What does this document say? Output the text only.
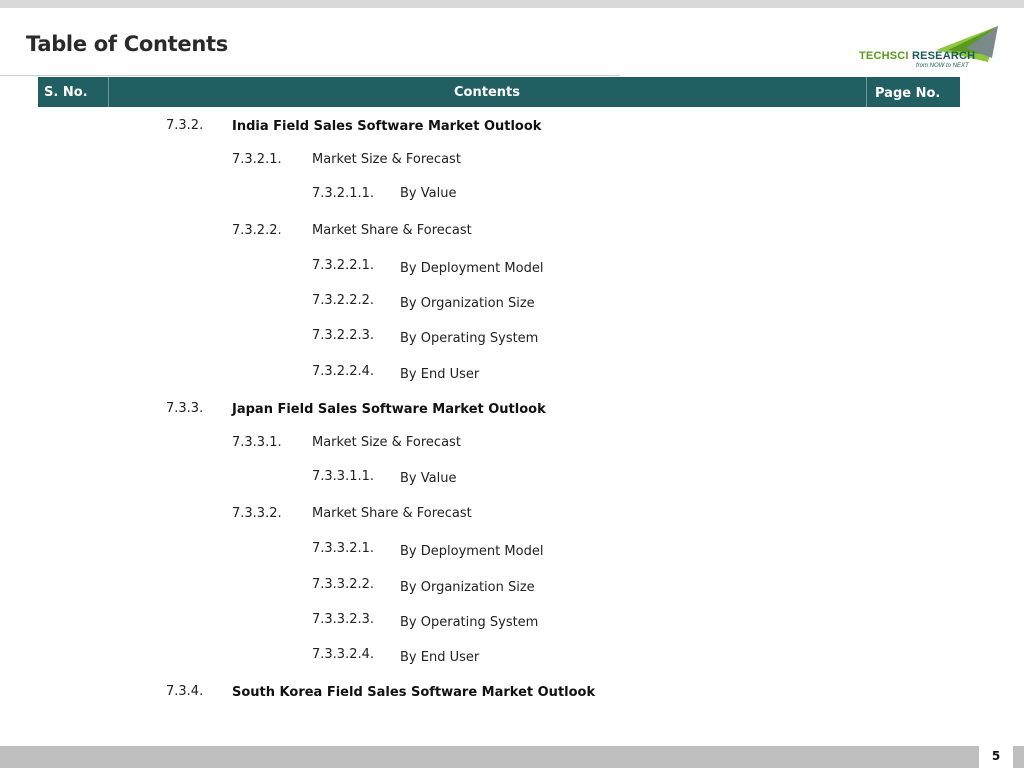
Table of Contents	TECHSCI RESEARCH
from NOW to NEXT
S. No.	Contents	Page No.
7.3.2. India Field Sales Software Market Outlook
7.3.2.1. Market Size & Forecast
7.3.2.1.1. By Value
7.3.2.2. Market Share & Forecast
7.3.2.2.1. By Deployment Model
7.3.2.2.2. By Organization Size
7.3.2.2.3. By Operating System
7.3.2.2.4. By End User
7.3.3. Japan Field Sales Software Market Outlook
7.3.3.1. Market Size & Forecast
7.3.3.1.1. By Value
7.3.3.2. Market Share & Forecast
7.3.3.2.1. By Deployment Model
7.3.3.2.2. By Organization Size
7.3.3.2.3. By Operating System
7.3.3.2.4. By End User
7.3.4. South Korea Field Sales Software Market Outlook
5
